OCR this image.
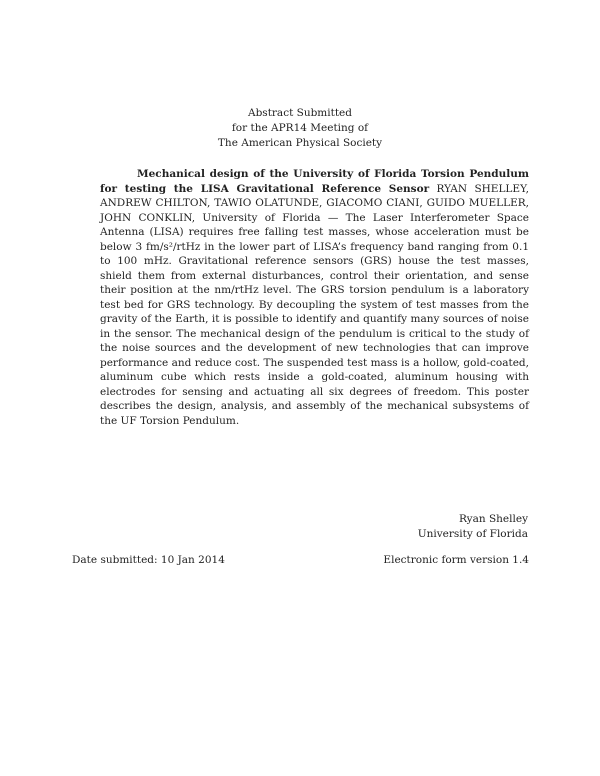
Abstract Submitted
for the APR14 Meeting of
The American Physical Society
Mechanical design of the University of Florida Torsion Pendulum for testing the LISA Gravitational Reference Sensor RYAN SHELLEY, ANDREW CHILTON, TAWIO OLATUNDE, GIACOMO CIANI, GUIDO MUELLER, JOHN CONKLIN, University of Florida — The Laser Interferometer Space Antenna (LISA) requires free falling test masses, whose acceleration must be below 3 fm/s²/rtHz in the lower part of LISA’s frequency band ranging from 0.1 to 100 mHz. Gravitational reference sensors (GRS) house the test masses, shield them from external disturbances, control their orientation, and sense their position at the nm/rtHz level. The GRS torsion pendulum is a laboratory test bed for GRS technology. By decoupling the system of test masses from the gravity of the Earth, it is possible to identify and quantify many sources of noise in the sensor. The mechanical design of the pendulum is critical to the study of the noise sources and the development of new technologies that can improve performance and reduce cost. The suspended test mass is a hollow, gold-coated, aluminum cube which rests inside a gold-coated, aluminum housing with electrodes for sensing and actuating all six degrees of freedom. This poster describes the design, analysis, and assembly of the mechanical subsystems of the UF Torsion Pendulum.
Ryan Shelley
University of Florida
Date submitted: 10 Jan 2014	Electronic form version 1.4
